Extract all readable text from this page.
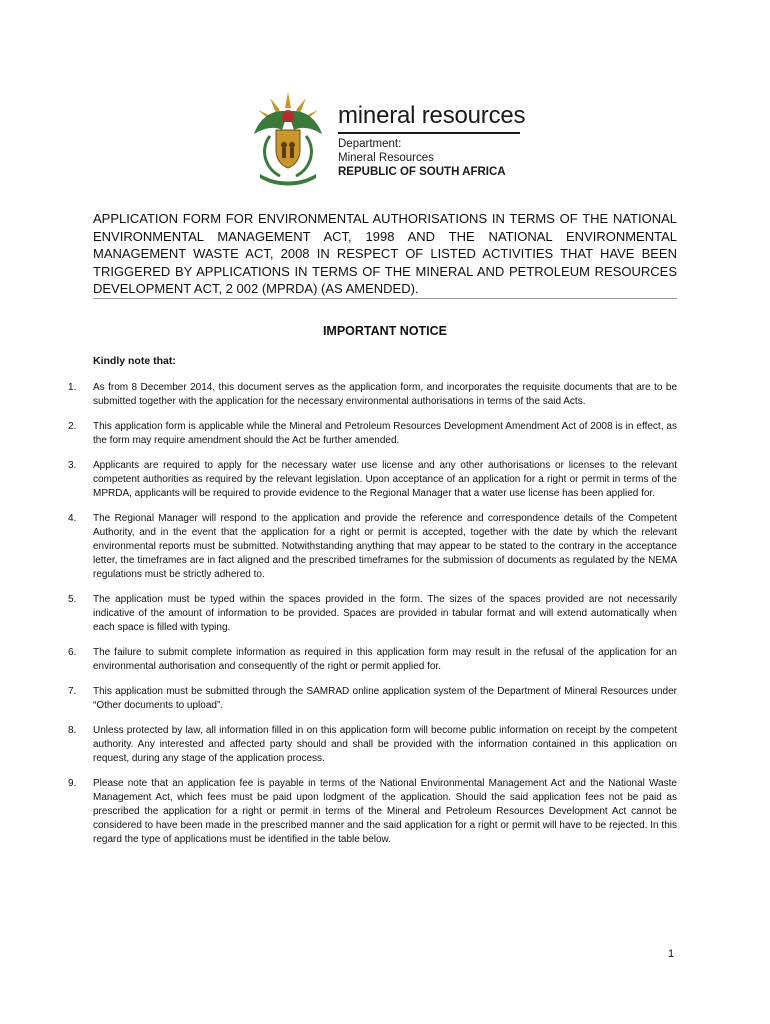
mineral resources
Department:
Mineral Resources
REPUBLIC OF SOUTH AFRICA
APPLICATION FORM FOR ENVIRONMENTAL AUTHORISATIONS IN TERMS OF THE NATIONAL ENVIRONMENTAL MANAGEMENT ACT, 1998 AND THE NATIONAL ENVIRONMENTAL MANAGEMENT WASTE ACT, 2008 IN RESPECT OF LISTED ACTIVITIES THAT HAVE BEEN TRIGGERED BY APPLICATIONS IN TERMS OF THE MINERAL AND PETROLEUM RESOURCES DEVELOPMENT ACT, 2 002 (MPRDA) (AS AMENDED).
IMPORTANT NOTICE
Kindly note that:
1. As from 8 December 2014, this document serves as the application form, and incorporates the requisite documents that are to be submitted together with the application for the necessary environmental authorisations in terms of the said Acts.
2. This application form is applicable while the Mineral and Petroleum Resources Development Amendment Act of 2008 is in effect, as the form may require amendment should the Act be further amended.
3. Applicants are required to apply for the necessary water use license and any other authorisations or licenses to the relevant competent authorities as required by the relevant legislation. Upon acceptance of an application for a right or permit in terms of the MPRDA, applicants will be required to provide evidence to the Regional Manager that a water use license has been applied for.
4. The Regional Manager will respond to the application and provide the reference and correspondence details of the Competent Authority, and in the event that the application for a right or permit is accepted, together with the date by which the relevant environmental reports must be submitted. Notwithstanding anything that may appear to be stated to the contrary in the acceptance letter, the timeframes are in fact aligned and the prescribed timeframes for the submission of documents as regulated by the NEMA regulations must be strictly adhered to.
5. The application must be typed within the spaces provided in the form. The sizes of the spaces provided are not necessarily indicative of the amount of information to be provided. Spaces are provided in tabular format and will extend automatically when each space is filled with typing.
6. The failure to submit complete information as required in this application form may result in the refusal of the application for an environmental authorisation and consequently of the right or permit applied for.
7. This application must be submitted through the SAMRAD online application system of the Department of Mineral Resources under “Other documents to upload”.
8. Unless protected by law, all information filled in on this application form will become public information on receipt by the competent authority. Any interested and affected party should and shall be provided with the information contained in this application on request, during any stage of the application process.
9. Please note that an application fee is payable in terms of the National Environmental Management Act and the National Waste Management Act, which fees must be paid upon lodgment of the application. Should the said application fees not be paid as prescribed the application for a right or permit in terms of the Mineral and Petroleum Resources Development Act cannot be considered to have been made in the prescribed manner and the said application for a right or permit will have to be rejected. In this regard the type of applications must be identified in the table below.
1
